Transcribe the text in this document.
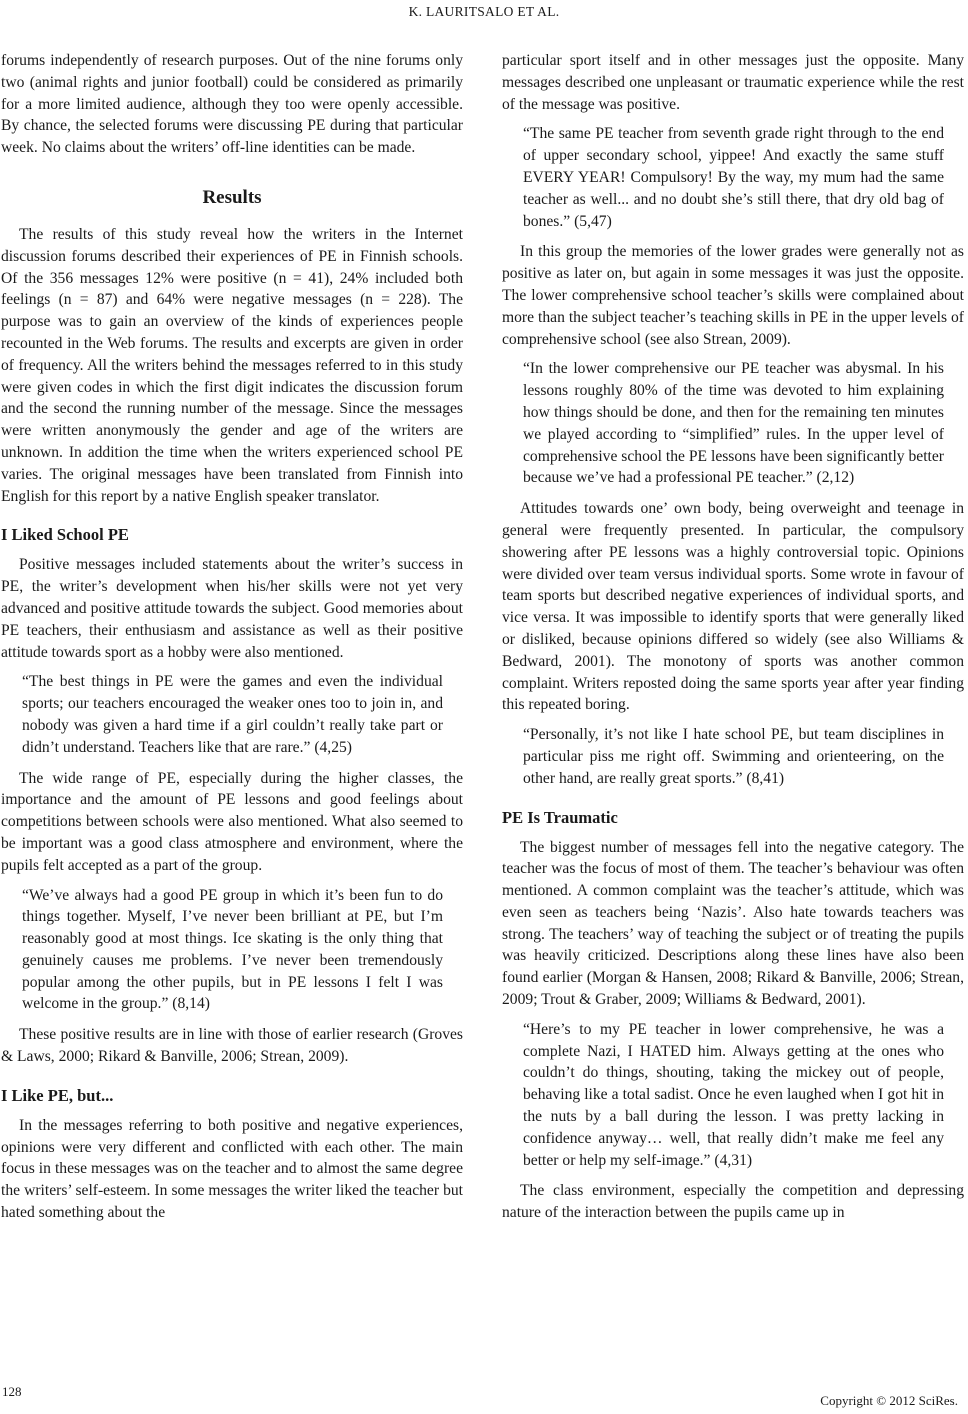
K. LAURITSALO ET AL.

forums independently of research purposes. Out of the nine forums only two (animal rights and junior football) could be considered as primarily for a more limited audience, although they too were openly accessible. By chance, the selected forums were discussing PE during that particular week. No claims about the writers’ off-line identities can be made.

Results

The results of this study reveal how the writers in the Internet discussion forums described their experiences of PE in Finnish schools. Of the 356 messages 12% were positive (n = 41), 24% included both feelings (n = 87) and 64% were negative messages (n = 228). The purpose was to gain an overview of the kinds of experiences people recounted in the Web forums. The results and excerpts are given in order of frequency. All the writers behind the messages referred to in this study were given codes in which the first digit indicates the discussion forum and the second the running number of the message. Since the messages were written anonymously the gender and age of the writers are unknown. In addition the time when the writers experienced school PE varies. The original messages have been translated from Finnish into English for this report by a native English speaker translator.

I Liked School PE

Positive messages included statements about the writer’s success in PE, the writer’s development when his/her skills were not yet very advanced and positive attitude towards the subject. Good memories about PE teachers, their enthusiasm and assistance as well as their positive attitude towards sport as a hobby were also mentioned.

“The best things in PE were the games and even the individual sports; our teachers encouraged the weaker ones too to join in, and nobody was given a hard time if a girl couldn’t really take part or didn’t understand. Teachers like that are rare.” (4,25)

The wide range of PE, especially during the higher classes, the importance and the amount of PE lessons and good feelings about competitions between schools were also mentioned. What also seemed to be important was a good class atmosphere and environment, where the pupils felt accepted as a part of the group.

“We’ve always had a good PE group in which it’s been fun to do things together. Myself, I’ve never been brilliant at PE, but I’m reasonably good at most things. Ice skating is the only thing that genuinely causes me problems. I’ve never been tremendously popular among the other pupils, but in PE lessons I felt I was welcome in the group.” (8,14)

These positive results are in line with those of earlier research (Groves & Laws, 2000; Rikard & Banville, 2006; Strean, 2009).

I Like PE, but...

In the messages referring to both positive and negative experiences, opinions were very different and conflicted with each other. The main focus in these messages was on the teacher and to almost the same degree the writers’ self-esteem. In some messages the writer liked the teacher but hated something about the

particular sport itself and in other messages just the opposite. Many messages described one unpleasant or traumatic experience while the rest of the message was positive.

“The same PE teacher from seventh grade right through to the end of upper secondary school, yippee! And exactly the same stuff EVERY YEAR! Compulsory! By the way, my mum had the same teacher as well... and no doubt she’s still there, that dry old bag of bones.” (5,47)

In this group the memories of the lower grades were generally not as positive as later on, but again in some messages it was just the opposite. The lower comprehensive school teacher’s skills were complained about more than the subject teacher’s teaching skills in PE in the upper levels of comprehensive school (see also Strean, 2009).

“In the lower comprehensive our PE teacher was abysmal. In his lessons roughly 80% of the time was devoted to him explaining how things should be done, and then for the remaining ten minutes we played according to “simplified” rules. In the upper level of comprehensive school the PE lessons have been significantly better because we’ve had a professional PE teacher.” (2,12)

Attitudes towards one’ own body, being overweight and teenage in general were frequently presented. In particular, the compulsory showering after PE lessons was a highly controversial topic. Opinions were divided over team versus individual sports. Some wrote in favour of team sports but described negative experiences of individual sports, and vice versa. It was impossible to identify sports that were generally liked or disliked, because opinions differed so widely (see also Williams & Bedward, 2001). The monotony of sports was another common complaint. Writers reposted doing the same sports year after year finding this repeated boring.

“Personally, it’s not like I hate school PE, but team disciplines in particular piss me right off. Swimming and orienteering, on the other hand, are really great sports.” (8,41)
PE Is Traumatic

The biggest number of messages fell into the negative category. The teacher was the focus of most of them. The teacher’s behaviour was often mentioned. A common complaint was the teacher’s attitude, which was even seen as teachers being ‘Nazis’. Also hate towards teachers was strong. The teachers’ way of teaching the subject or of treating the pupils was heavily criticized. Descriptions along these lines have also been found earlier (Morgan & Hansen, 2008; Rikard & Banville, 2006; Strean, 2009; Trout & Graber, 2009; Williams & Bedward, 2001).

“Here’s to my PE teacher in lower comprehensive, he was a complete Nazi, I HATED him. Always getting at the ones who couldn’t do things, shouting, taking the mickey out of people, behaving like a total sadist. Once he even laughed when I got hit in the nuts by a ball during the lesson. I was pretty lacking in confidence anyway… well, that really didn’t make me feel any better or help my self-image.” (4,31)

The class environment, especially the competition and depressing nature of the interaction between the pupils came up in

128
Copyright © 2012 SciRes.
